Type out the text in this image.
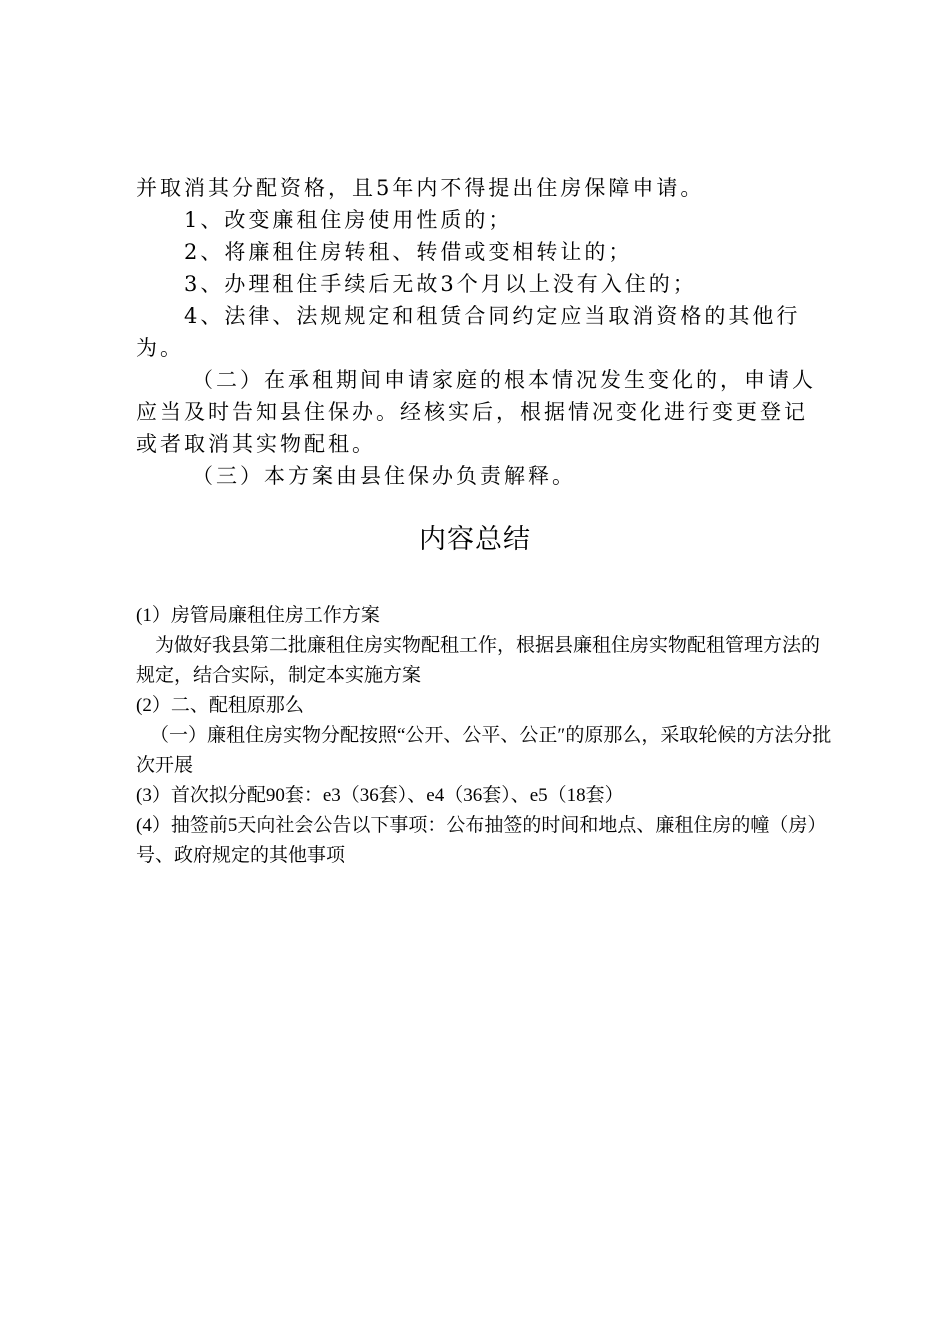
并取消其分配资格，且5年内不得提出住房保障申请。

1、改变廉租住房使用性质的；

2、将廉租住房转租、转借或变相转让的；

3、办理租住手续后无故3个月以上没有入住的；

4、法律、法规规定和租赁合同约定应当取消资格的其他行为。

（二）在承租期间申请家庭的根本情况发生变化的，申请人应当及时告知县住保办。经核实后，根据情况变化进行变更登记或者取消其实物配租。

（三）本方案由县住保办负责解释。

内容总结

(1）房管局廉租住房工作方案

为做好我县第二批廉租住房实物配租工作，根据县廉租住房实物配租管理方法的规定，结合实际，制定本实施方案

(2）二、配租原那么

（一）廉租住房实物分配按照“公开、公平、公正″的原那么，采取轮候的方法分批次开展

(3）首次拟分配90套：e3（36套）、e4（36套）、e5（18套）

(4）抽签前5天向社会公告以下事项：公布抽签的时间和地点、廉租住房的幢（房）号、政府规定的其他事项
